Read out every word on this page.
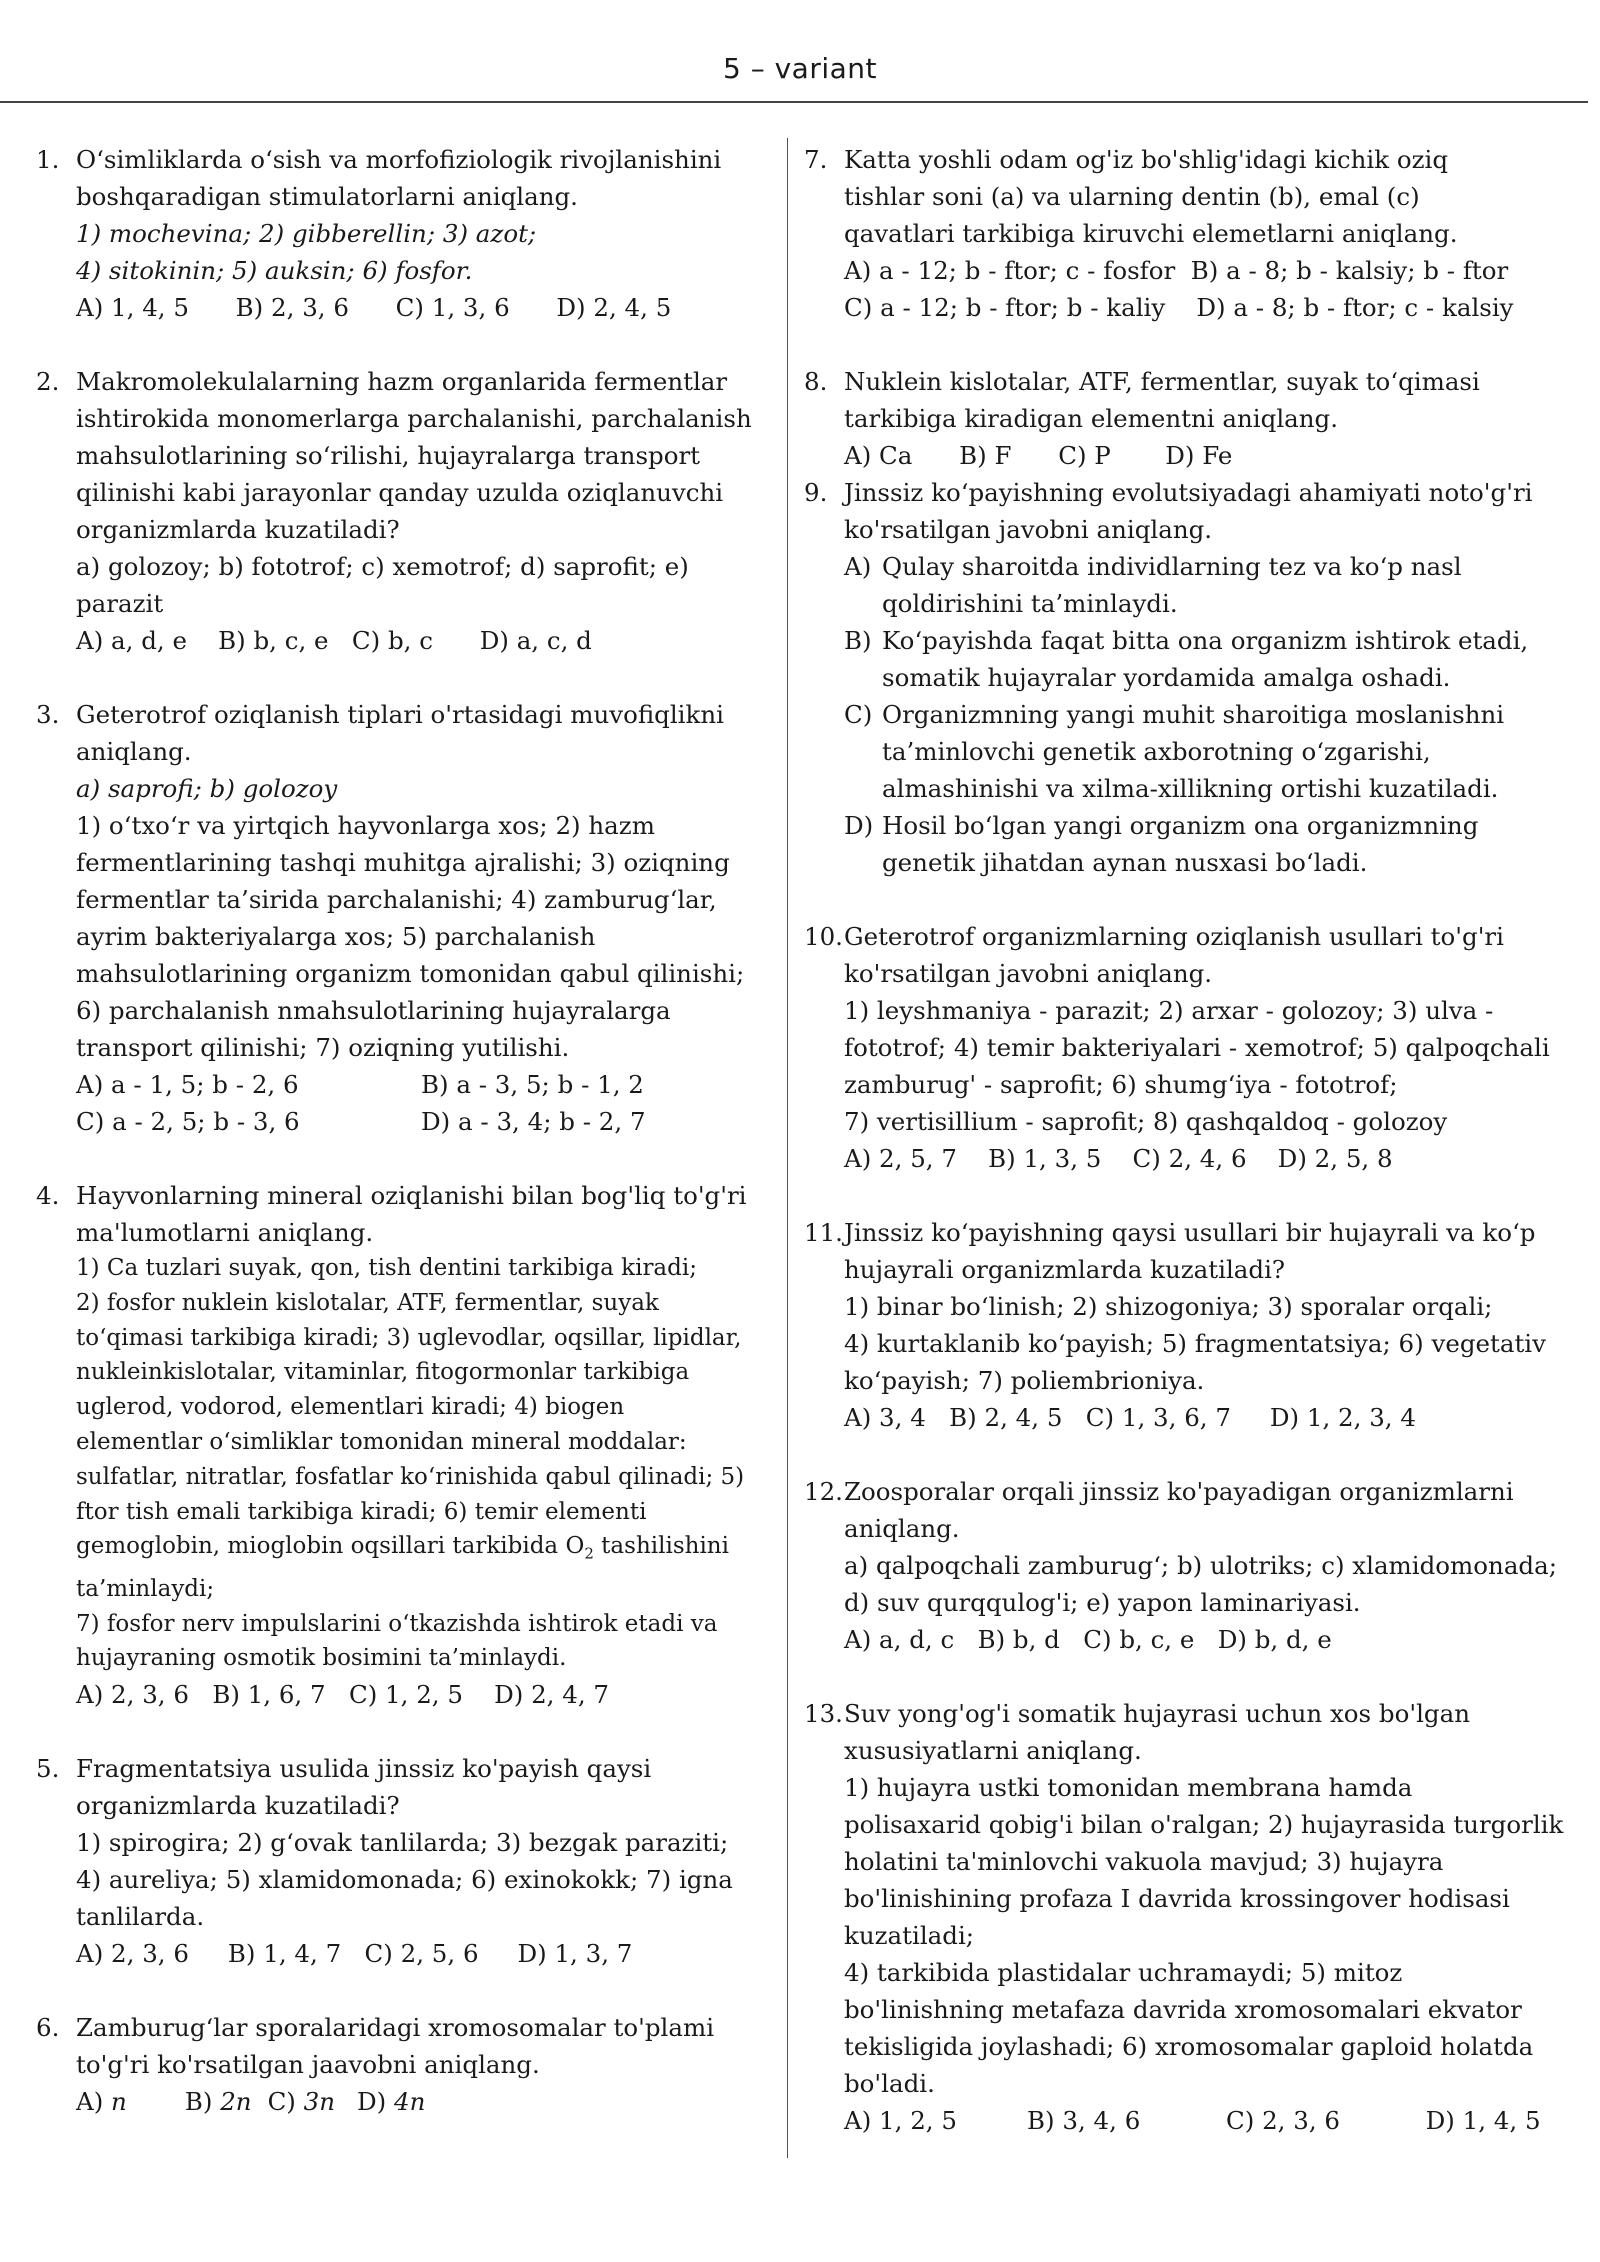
5 – variant
1. O‘simliklarda o‘sish va morfofiziologik rivojlanishini

boshqaradigan stimulatorlarni aniqlang.

1) mochevina; 2) gibberellin; 3) azot;

4) sitokinin; 5) auksin; 6) fosfor.

A) 1, 4, 5      B) 2, 3, 6      C) 1, 3, 6      D) 2, 4, 5

2. Makromolekulalarning hazm organlarida fermentlar

ishtirokida monomerlarga parchalanishi, parchalanish

mahsulotlarining so‘rilishi, hujayralarga transport

qilinishi kabi jarayonlar qanday uzulda oziqlanuvchi

organizmlarda kuzatiladi?

a) golozoy; b) fototrof; c) xemotrof; d) saprofit; e)

parazit

A) a, d, e    B) b, c, e   C) b, c      D) a, c, d

3. Geterotrof oziqlanish tiplari o'rtasidagi muvofiqlikni

aniqlang.

a) saprofi; b) golozoy

1) o‘txo‘r va yirtqich hayvonlarga xos; 2) hazm

fermentlarining tashqi muhitga ajralishi; 3) oziqning

fermentlar ta’sirida parchalanishi; 4) zamburug‘lar,

ayrim bakteriyalarga xos; 5) parchalanish

mahsulotlarining organizm tomonidan qabul qilinishi;

6) parchalanish nmahsulotlarining hujayralarga

transport qilinishi; 7) oziqning yutilishi.

A) a - 1, 5; b - 2, 6	B) a - 3, 5; b - 1, 2
C) a - 2, 5; b - 3, 6	D) a - 3, 4; b - 2, 7
4. Hayvonlarning mineral oziqlanishi bilan bog'liq to'g'ri

ma'lumotlarni aniqlang.

1) Ca tuzlari suyak, qon, tish dentini tarkibiga kiradi;

2) fosfor nuklein kislotalar, ATF, fermentlar, suyak

to‘qimasi tarkibiga kiradi; 3) uglevodlar, oqsillar, lipidlar,

nukleinkislotalar, vitaminlar, fitogormonlar tarkibiga

uglerod, vodorod, elementlari kiradi; 4) biogen

elementlar o‘simliklar tomonidan mineral moddalar:

sulfatlar, nitratlar, fosfatlar ko‘rinishida qabul qilinadi; 5)

ftor tish emali tarkibiga kiradi; 6) temir elementi

gemoglobin, mioglobin oqsillari tarkibida $O_2$ tashilishini

ta’minlaydi;

7) fosfor nerv impulslarini o‘tkazishda ishtirok etadi va

hujayraning osmotik bosimini ta’minlaydi.

A) 2, 3, 6   B) 1, 6, 7   C) 1, 2, 5    D) 2, 4, 7

5. Fragmentatsiya usulida jinssiz ko'payish qaysi

organizmlarda kuzatiladi?

1) spirogira; 2) g‘ovak tanlilarda; 3) bezgak paraziti;

4) aureliya; 5) xlamidomonada; 6) exinokokk; 7) igna

tanlilarda.

A) 2, 3, 6     B) 1, 4, 7   C) 2, 5, 6     D) 1, 3, 7

6. Zamburug‘lar sporalaridagi xromosomalar to'plami

to'g'ri ko'rsatilgan jaavobni aniqlang.

A) n B) 2n C) 3n D) 4n

7. Katta yoshli odam og'iz bo'shlig'idagi kichik oziq

tishlar soni (a) va ularning dentin (b), emal (c)

qavatlari tarkibiga kiruvchi elemetlarni aniqlang.

A) a - 12; b - ftor; c - fosfor  B) a - 8; b - kalsiy; b - ftor

C) a - 12; b - ftor; b - kaliy    D) a - 8; b - ftor; c - kalsiy

8. Nuklein kislotalar, ATF, fermentlar, suyak to‘qimasi

tarkibiga kiradigan elementni aniqlang.

A) Ca      B) F      C) P       D) Fe

9. Jinssiz ko‘payishning evolutsiyadagi ahamiyati noto'g'ri

ko'rsatilgan javobni aniqlang.

A) Qulay sharoitda individlarning tez va ko‘p nasl

qoldirishini ta’minlaydi.

B) Ko‘payishda faqat bitta ona organizm ishtirok etadi,

somatik hujayralar yordamida amalga oshadi.

C) Organizmning yangi muhit sharoitiga moslanishni

ta’minlovchi genetik axborotning o‘zgarishi,

almashinishi va xilma-xillikning ortishi kuzatiladi.

D) Hosil bo‘lgan yangi organizm ona organizmning

genetik jihatdan aynan nusxasi bo‘ladi.

10. Geterotrof organizmlarning oziqlanish usullari to'g'ri

ko'rsatilgan javobni aniqlang.

1) leyshmaniya - parazit; 2) arxar - golozoy; 3) ulva -

fototrof; 4) temir bakteriyalari - xemotrof; 5) qalpoqchali

zamburug' - saprofit; 6) shumg‘iya - fototrof;

7) vertisillium - saprofit; 8) qashqaldoq - golozoy

A) 2, 5, 7    B) 1, 3, 5    C) 2, 4, 6    D) 2, 5, 8

11. Jinssiz ko‘payishning qaysi usullari bir hujayrali va ko‘p

hujayrali organizmlarda kuzatiladi?

1) binar bo‘linish; 2) shizogoniya; 3) sporalar orqali;

4) kurtaklanib ko‘payish; 5) fragmentatsiya; 6) vegetativ

ko‘payish; 7) poliembrioniya.

A) 3, 4   B) 2, 4, 5   C) 1, 3, 6, 7     D) 1, 2, 3, 4

12. Zoosporalar orqali jinssiz ko'payadigan organizmlarni

aniqlang.

a) qalpoqchali zamburug‘; b) ulotriks; c) xlamidomonada;

d) suv qurqqulog'i; e) yapon laminariyasi.

A) a, d, c   B) b, d   C) b, c, e   D) b, d, e

13. Suv yong'og'i somatik hujayrasi uchun xos bo'lgan

xususiyatlarni aniqlang.

1) hujayra ustki tomonidan membrana hamda

polisaxarid qobig'i bilan o'ralgan; 2) hujayrasida turgorlik

holatini ta'minlovchi vakuola mavjud; 3) hujayra

bo'linishining profaza I davrida krossingover hodisasi

kuzatiladi;

4) tarkibida plastidalar uchramaydi; 5) mitoz

bo'linishning metafaza davrida xromosomalari ekvator

tekisligida joylashadi; 6) xromosomalar gaploid holatda

bo'ladi.

A) 1, 2, 5         B) 3, 4, 6           C) 2, 3, 6           D) 1, 4, 5
